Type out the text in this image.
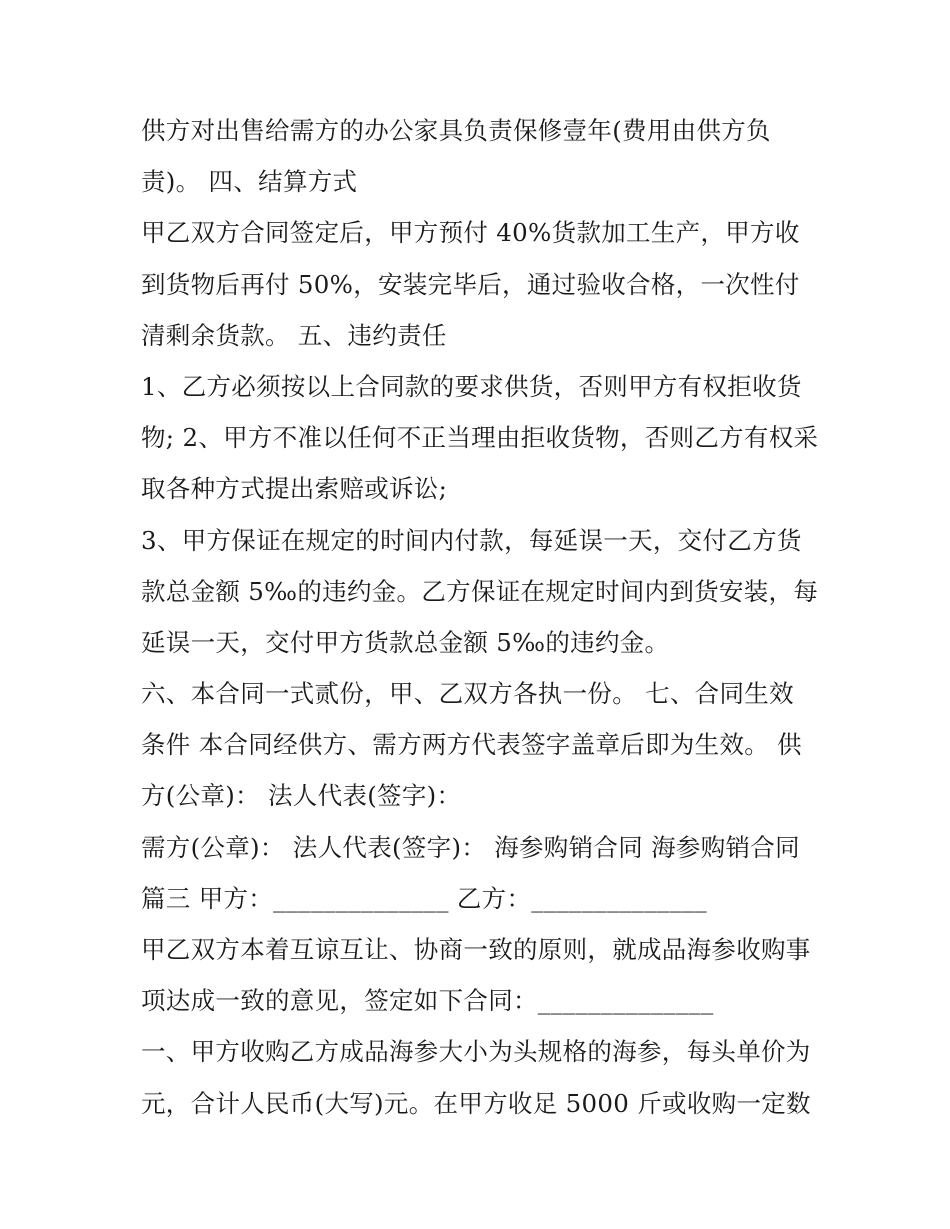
供方对出售给需方的办公家具负责保修壹年(费用由供方负
责)。 四、结算方式
甲乙双方合同签定后，甲方预付 40%货款加工生产，甲方收
到货物后再付 50%，安装完毕后，通过验收合格，一次性付
清剩余货款。 五、违约责任
1、乙方必须按以上合同款的要求供货，否则甲方有权拒收货
物; 2、甲方不准以任何不正当理由拒收货物，否则乙方有权采
取各种方式提出索赔或诉讼;
3、甲方保证在规定的时间内付款，每延误一天，交付乙方货
款总金额 5‰的违约金。乙方保证在规定时间内到货安装，每
延误一天，交付甲方货款总金额 5‰的违约金。
六、本合同一式贰份，甲、乙双方各执一份。 七、合同生效
条件 本合同经供方、需方两方代表签字盖章后即为生效。 供
方(公章)： 法人代表(签字)：
需方(公章)： 法人代表(签字)： 海参购销合同 海参购销合同
篇三 甲方：______________ 乙方：______________
甲乙双方本着互谅互让、协商一致的原则，就成品海参收购事
项达成一致的意见，签定如下合同：______________
一、甲方收购乙方成品海参大小为头规格的海参，每头单价为
元，合计人民币(大写)元。在甲方收足 5000 斤或收购一定数
